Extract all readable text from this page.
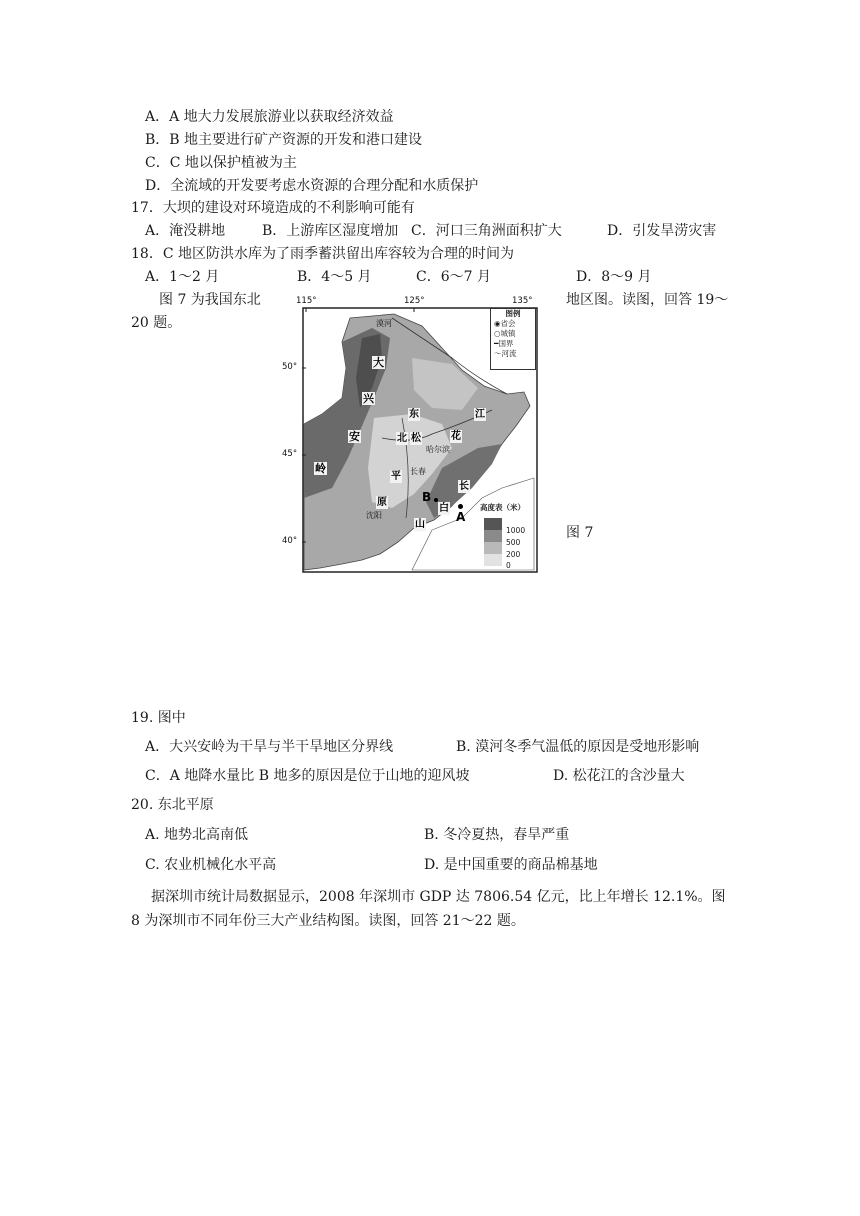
A．A 地大力发展旅游业以获取经济效益
B．B 地主要进行矿产资源的开发和港口建设
C．C 地以保护植被为主
D．全流域的开发要考虑水资源的合理分配和水质保护
17．大坝的建设对环境造成的不利影响可能有
A．淹没耕地	B．上游库区湿度增加 C．河口三角洲面积扩大	D．引发旱涝灾害
18．C 地区防洪水库为了雨季蓄洪留出库容较为合理的时间为
A．1～2 月	B．4～5 月	C．6～7 月	D．8～9 月
图 7 为我国东北	地区图。读图，回答 19～
20 题。
图 7
115°	125°	135°
50°
45°
40°
图例
◉省会
○城镇
━国界
〜河流
大
兴
安
岭
松	花
江
东
北
平
原
长
白
山
漠河
哈尔滨
长春
沈阳	A
B
高度表（米）
1000
500
200
0
19. 图中
A．大兴安岭为干旱与半干旱地区分界线	B. 漠河冬季气温低的原因是受地形影响
C．A 地降水量比 B 地多的原因是位于山地的迎风坡	D. 松花江的含沙量大
20. 东北平原
A. 地势北高南低	B. 冬冷夏热，春旱严重
C. 农业机械化水平高	D. 是中国重要的商品棉基地
据深圳市统计局数据显示，2008 年深圳市 GDP 达 7806.54 亿元，比上年增长 12.1%。图
8 为深圳市不同年份三大产业结构图。读图，回答 21～22 题。
